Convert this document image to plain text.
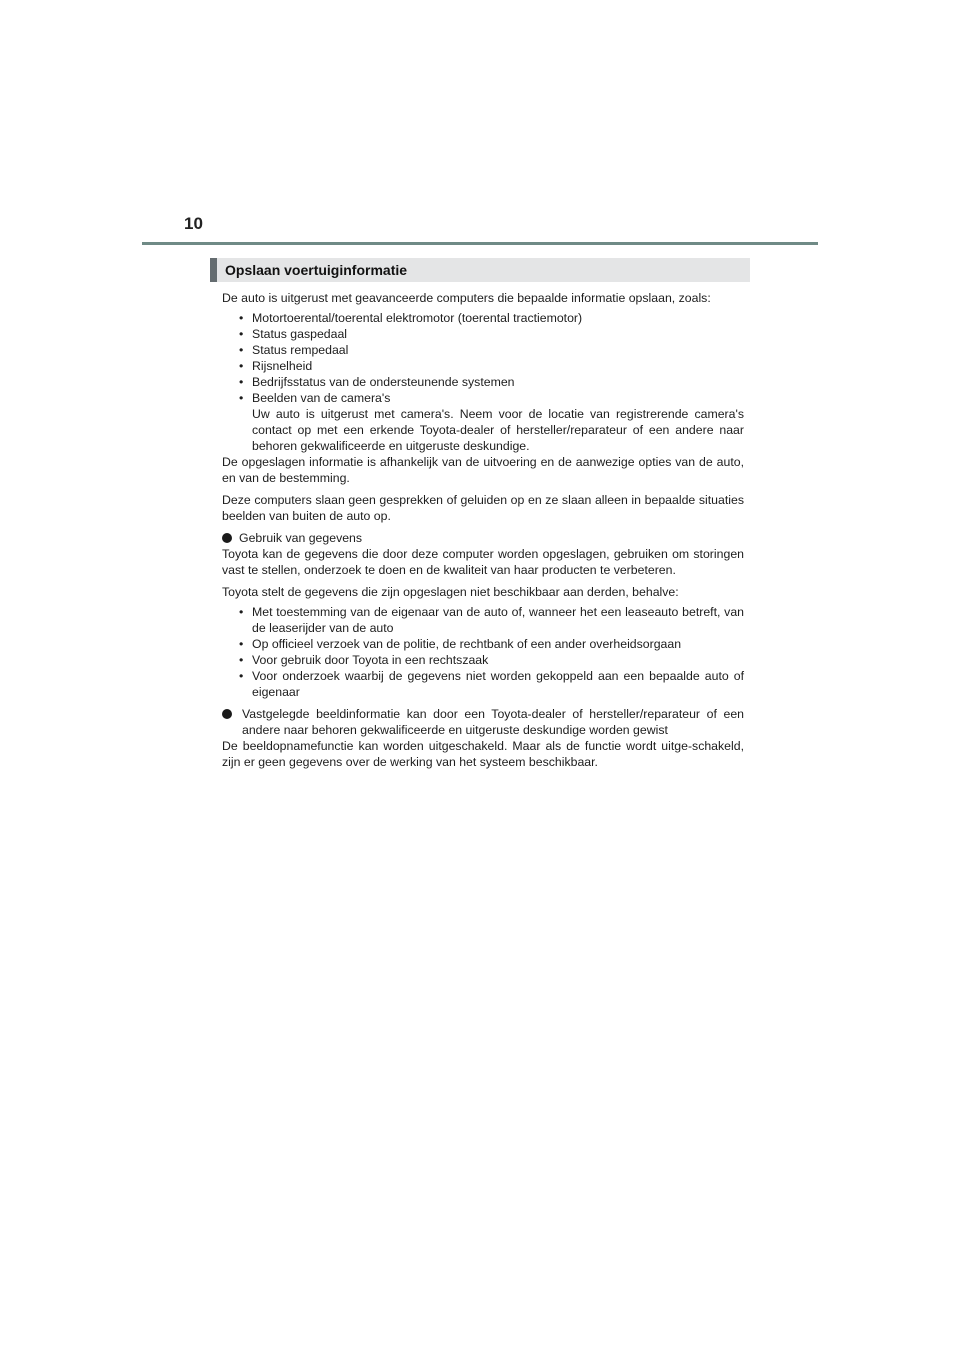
10
Opslaan voertuiginformatie

De auto is uitgerust met geavanceerde computers die bepaalde informatie opslaan, zoals:

• Motortoerental/toerental elektromotor (toerental tractiemotor)
• Status gaspedaal
• Status rempedaal
• Rijsnelheid
• Bedrijfsstatus van de ondersteunende systemen
• Beelden van de camera's
Uw auto is uitgerust met camera's. Neem voor de locatie van registrerende camera's contact op met een erkende Toyota-dealer of hersteller/reparateur of een andere naar behoren gekwalificeerde en uitgeruste deskundige.

De opgeslagen informatie is afhankelijk van de uitvoering en de aanwezige opties van de auto, en van de bestemming.

Deze computers slaan geen gesprekken of geluiden op en ze slaan alleen in bepaalde situaties beelden van buiten de auto op.

Gebruik van gegevens

Toyota kan de gegevens die door deze computer worden opgeslagen, gebruiken om storingen vast te stellen, onderzoek te doen en de kwaliteit van haar producten te verbeteren.

Toyota stelt de gegevens die zijn opgeslagen niet beschikbaar aan derden, behalve:

• Met toestemming van de eigenaar van de auto of, wanneer het een leaseauto betreft, van de leaserijder van de auto
• Op officieel verzoek van de politie, de rechtbank of een ander overheidsorgaan
• Voor gebruik door Toyota in een rechtszaak
• Voor onderzoek waarbij de gegevens niet worden gekoppeld aan een bepaalde auto of eigenaar
Vastgelegde beeldinformatie kan door een Toyota-dealer of hersteller/reparateur of een andere naar behoren gekwalificeerde en uitgeruste deskundige worden gewist

De beeldopnamefunctie kan worden uitgeschakeld. Maar als de functie wordt uitge-schakeld, zijn er geen gegevens over de werking van het systeem beschikbaar.
